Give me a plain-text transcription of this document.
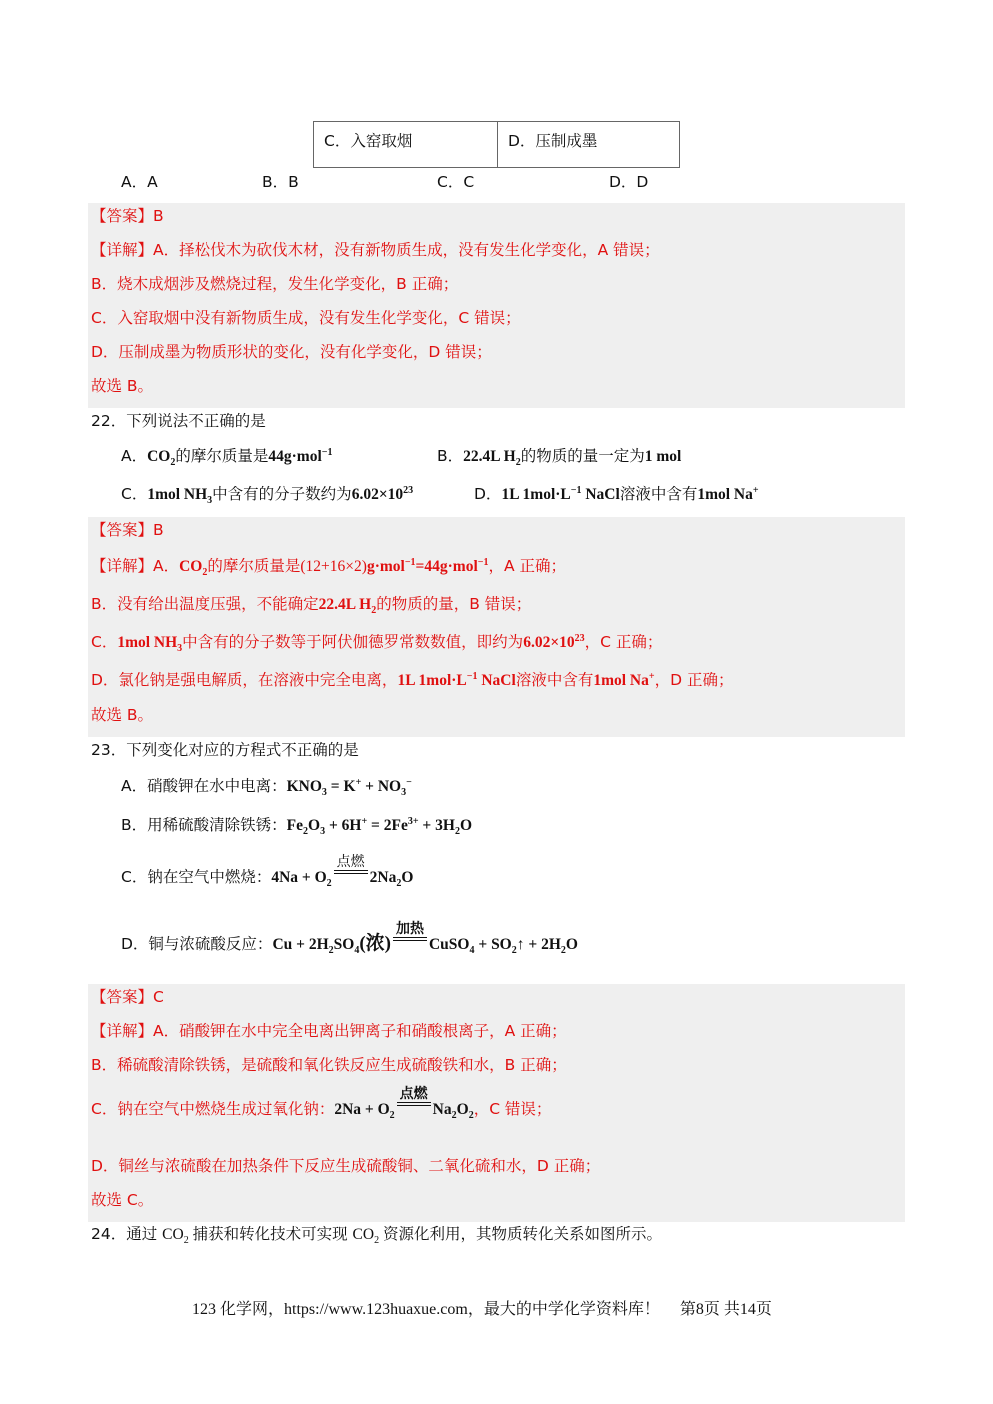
C．入窑取烟	D．压制成墨
A．A	B．B	C．C	D．D
【答案】B
【详解】A．择松伐木为砍伐木材，没有新物质生成，没有发生化学变化，A 错误；
B．烧木成烟涉及燃烧过程，发生化学变化，B 正确；
C．入窑取烟中没有新物质生成，没有发生化学变化，C 错误；
D．压制成墨为物质形状的变化，没有化学变化，D 错误；
故选 B。
22．下列说法不正确的是
A．$CO_2$的摩尔质量是44g·mol$^{-1}$	B．22.4L $H_2$的物质的量一定为1 mol
C．1mol $NH_3$中含有的分子数约为$6.02\times 10^{23}$	D．1L $1mol\cdot L^{-1}$ NaCl溶液中含有1mol Na+
【答案】B
【详解】A．$CO_2$的摩尔质量是(12+16×2)g·mol$^{-1}$=44g·mol$^{-1}$，A 正确；
B．没有给出温度压强，不能确定22.4L $H_2$的物质的量，B 错误；
C．1mol $NH_3$中含有的分子数等于阿伏伽德罗常数数值，即约为$6.02\times 10^{23}$，C 正确；
D．氯化钠是强电解质，在溶液中完全电离，1L $1mol\cdot L^{-1}$ NaCl溶液中含有1mol Na+，D 正确；
故选 B。
23．下列变化对应的方程式不正确的是
A．硝酸钾在水中电离：$KNO_3 = K^+ + NO_3^-$
B．用稀硫酸清除铁锈：$Fe_2O_3 + 6H^+ = 2Fe^{3+} + 3H_2O$
C．钠在空气中燃烧：$4Na + O_2$
点燃
$2Na_2O$
D．铜与浓硫酸反应：$Cu + 2H_2SO_4$(浓)
加热
CuSO$_4$ + $SO_2↑ + 2H_2O$
【答案】C
【详解】A．硝酸钾在水中完全电离出钾离子和硝酸根离子，A 正确；
B．稀硫酸清除铁锈，是硫酸和氧化铁反应生成硫酸铁和水，B 正确；
C．钠在空气中燃烧生成过氧化钠：$2Na + O_2$
点燃
$Na_2O_2$，C 错误；
D．铜丝与浓硫酸在加热条件下反应生成硫酸铜、二氧化硫和水，D 正确；
故选 C。
24．通过 $CO_2$ 捕获和转化技术可实现 $CO_2$ 资源化利用，其物质转化关系如图所示。
123 化学网，https://www.123huaxue.com，最大的中学化学资料库！ 第8页 共14页
